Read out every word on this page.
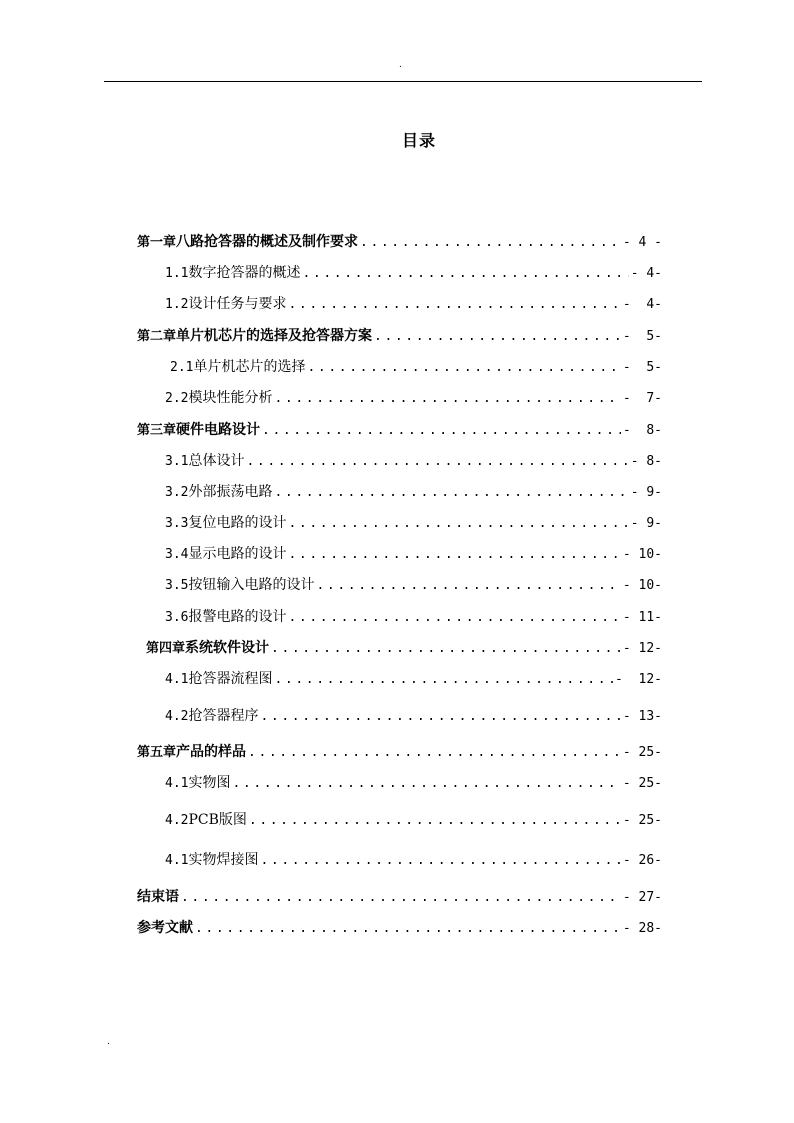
.
目录
第一章 八路抢答器的概述及制作要求 .....	- 4 -
1.1 数字抢答器的概述 .....	- 4-
1.2 设计任务与要求 .....	-  4-
第二章 单片机芯片的选择及抢答器方案 .....	-  5-
2.1 单片机芯片的选择 .....	-  5-
2.2 模块性能分析 .....	-  7-
第三章 硬件电路设计 .....	-  8-
3.1 总体设计 .....	- 8-
3.2 外部振荡电路 .....	- 9-
3.3 复位电路的设计 .....	- 9-
3.4 显示电路的设计 .....	- 10-
3.5 按钮输入电路的设计 .....	- 10-
3.6 报警电路的设计 .....	- 11-
第四章 系统软件设计 .....	- 12-
4.1 抢答器流程图 .....	-  12-
4.2 抢答器程序 .....	- 13-
第五章 产品的样品 .....	- 25-
4.1 实物图 .....	- 25-
4.2 PCB版图 .....	- 25-
4.1 实物焊接图 .....	- 26-
结束语 .....	- 27-
参考文献 .....	- 28-
.
